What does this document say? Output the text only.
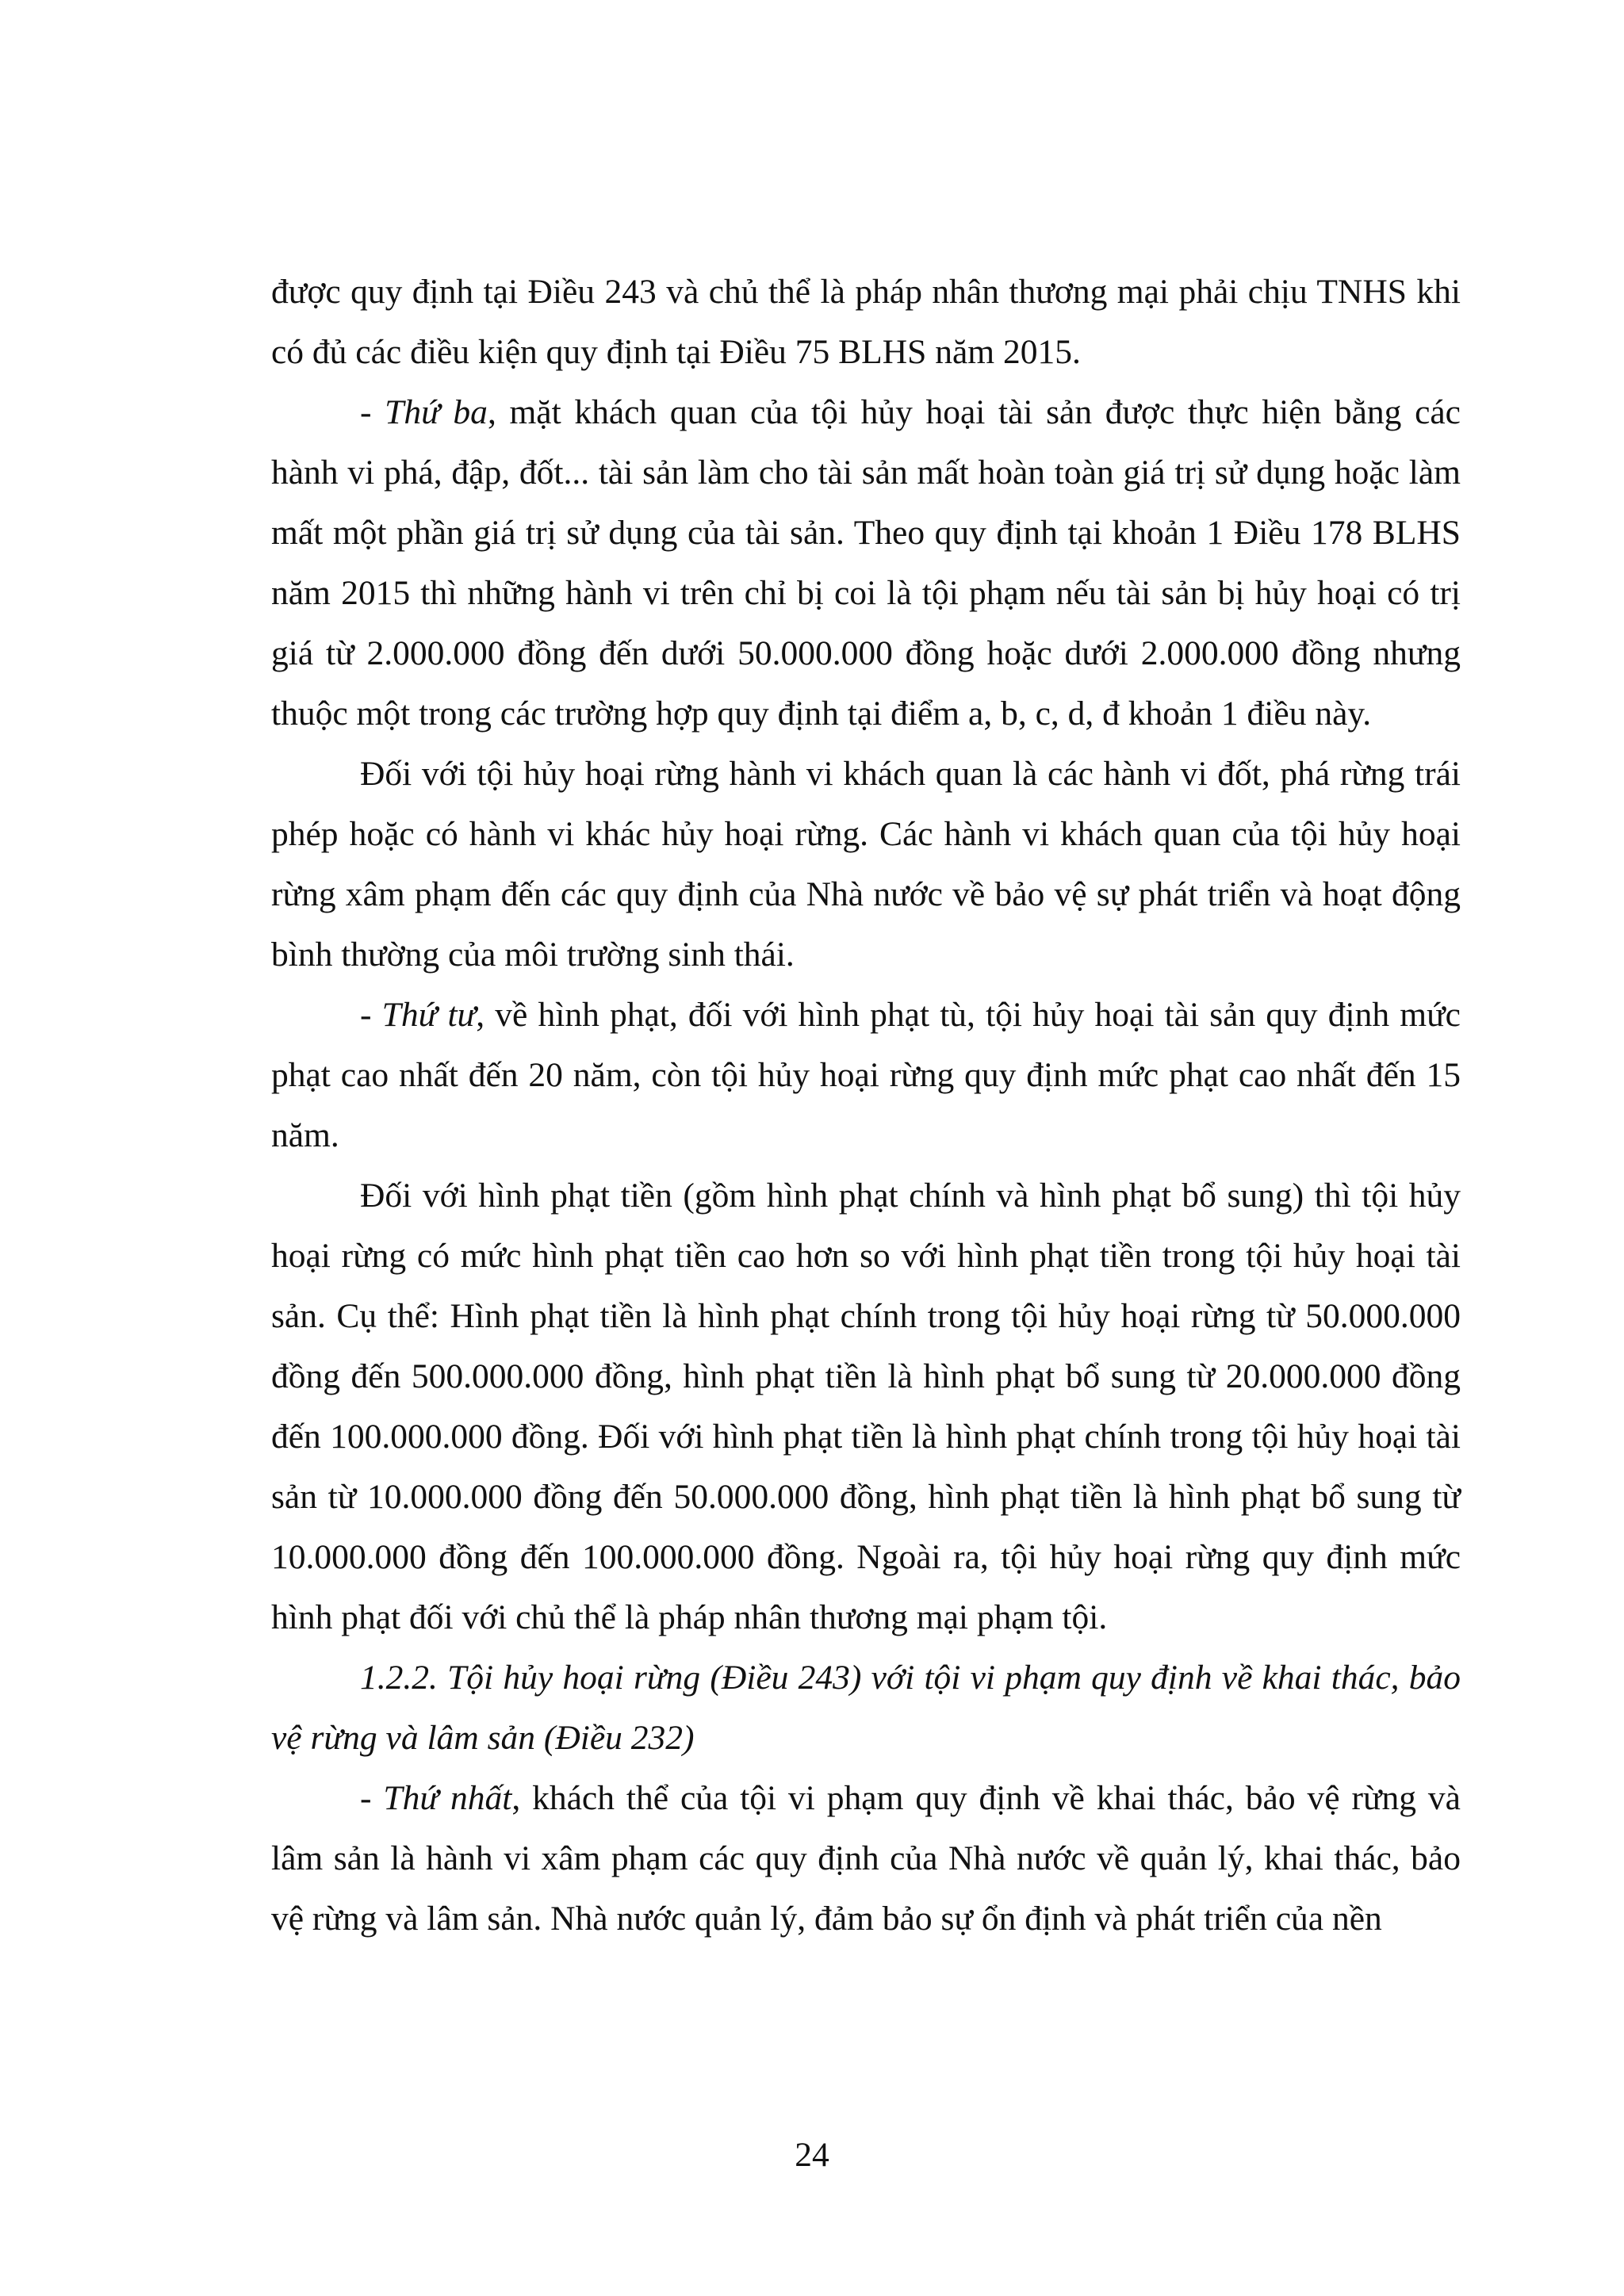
được quy định tại Điều 243 và chủ thể là pháp nhân thương mại phải chịu TNHS khi có đủ các điều kiện quy định tại Điều 75 BLHS năm 2015.

- Thứ ba, mặt khách quan của tội hủy hoại tài sản được thực hiện bằng các hành vi phá, đập, đốt... tài sản làm cho tài sản mất hoàn toàn giá trị sử dụng hoặc làm mất một phần giá trị sử dụng của tài sản. Theo quy định tại khoản 1 Điều 178 BLHS năm 2015 thì những hành vi trên chỉ bị coi là tội phạm nếu tài sản bị hủy hoại có trị giá từ 2.000.000 đồng đến dưới 50.000.000 đồng hoặc dưới 2.000.000 đồng nhưng thuộc một trong các trường hợp quy định tại điểm a, b, c, d, đ khoản 1 điều này.

Đối với tội hủy hoại rừng hành vi khách quan là các hành vi đốt, phá rừng trái phép hoặc có hành vi khác hủy hoại rừng. Các hành vi khách quan của tội hủy hoại rừng xâm phạm đến các quy định của Nhà nước về bảo vệ sự phát triển và hoạt động bình thường của môi trường sinh thái.

- Thứ tư, về hình phạt, đối với hình phạt tù, tội hủy hoại tài sản quy định mức phạt cao nhất đến 20 năm, còn tội hủy hoại rừng quy định mức phạt cao nhất đến 15 năm.

Đối với hình phạt tiền (gồm hình phạt chính và hình phạt bổ sung) thì tội hủy hoại rừng có mức hình phạt tiền cao hơn so với hình phạt tiền trong tội hủy hoại tài sản. Cụ thể: Hình phạt tiền là hình phạt chính trong tội hủy hoại rừng từ 50.000.000 đồng đến 500.000.000 đồng, hình phạt tiền là hình phạt bổ sung từ 20.000.000 đồng đến 100.000.000 đồng. Đối với hình phạt tiền là hình phạt chính trong tội hủy hoại tài sản từ 10.000.000 đồng đến 50.000.000 đồng, hình phạt tiền là hình phạt bổ sung từ 10.000.000 đồng đến 100.000.000 đồng. Ngoài ra, tội hủy hoại rừng quy định mức hình phạt đối với chủ thể là pháp nhân thương mại phạm tội.

1.2.2. Tội hủy hoại rừng (Điều 243) với tội vi phạm quy định về khai thác, bảo vệ rừng và lâm sản (Điều 232)

- Thứ nhất, khách thể của tội vi phạm quy định về khai thác, bảo vệ rừng và lâm sản là hành vi xâm phạm các quy định của Nhà nước về quản lý, khai thác, bảo vệ rừng và lâm sản. Nhà nước quản lý, đảm bảo sự ổn định và phát triển của nền

24
